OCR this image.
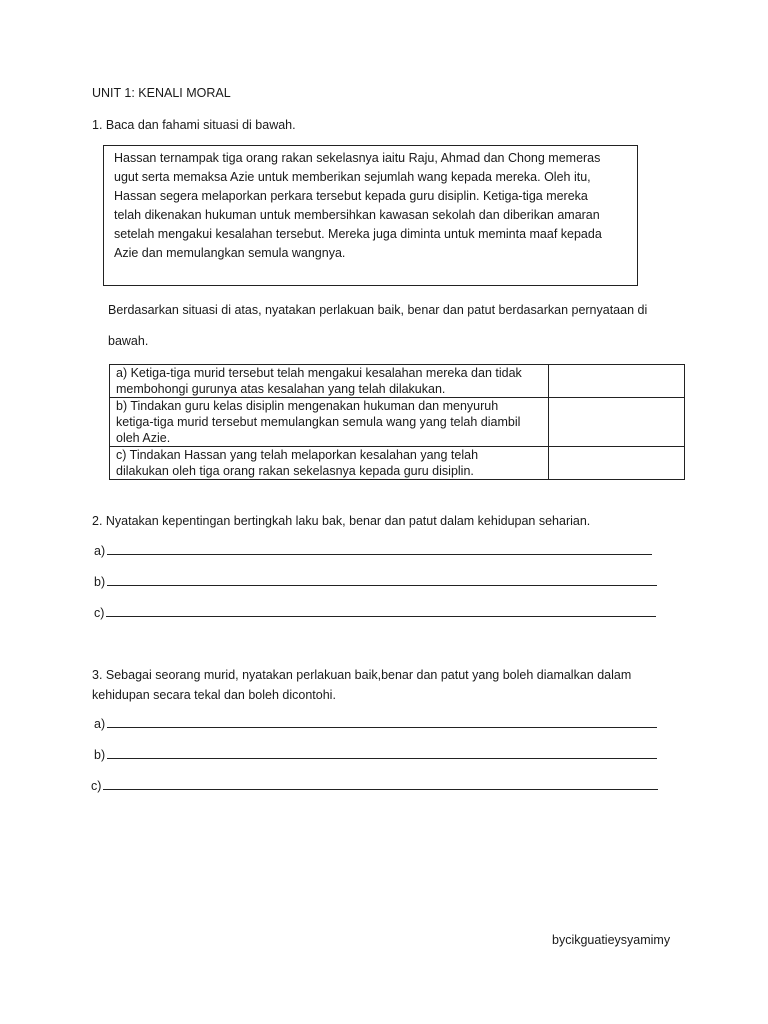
UNIT 1: KENALI MORAL
1. Baca dan fahami situasi di bawah.
Hassan ternampak tiga orang rakan sekelasnya iaitu Raju, Ahmad dan Chong memeras
ugut serta memaksa Azie untuk memberikan sejumlah wang kepada mereka. Oleh itu,
Hassan segera melaporkan perkara tersebut kepada guru disiplin. Ketiga-tiga mereka
telah dikenakan hukuman untuk membersihkan kawasan sekolah dan diberikan amaran
setelah mengakui kesalahan tersebut. Mereka juga diminta untuk meminta maaf kepada
Azie dan memulangkan semula wangnya.
Berdasarkan situasi di atas, nyatakan perlakuan baik, benar dan patut berdasarkan pernyataan di
bawah.
a) Ketiga-tiga murid tersebut telah mengakui kesalahan mereka dan tidak
membohongi gurunya atas kesalahan yang telah dilakukan.	

b) Tindakan guru kelas disiplin mengenakan hukuman dan menyuruh
ketiga-tiga murid tersebut memulangkan semula wang yang telah diambil
oleh Azie.	

c) Tindakan Hassan yang telah melaporkan kesalahan yang telah
dilakukan oleh tiga orang rakan sekelasnya kepada guru disiplin.	

2. Nyatakan kepentingan bertingkah laku bak, benar dan patut dalam kehidupan seharian.
a)
b)
c)
3. Sebagai seorang murid, nyatakan perlakuan baik,benar dan patut yang boleh diamalkan dalam
kehidupan secara tekal dan boleh dicontohi.
a)
b)
c)
bycikguatieysyamimy
